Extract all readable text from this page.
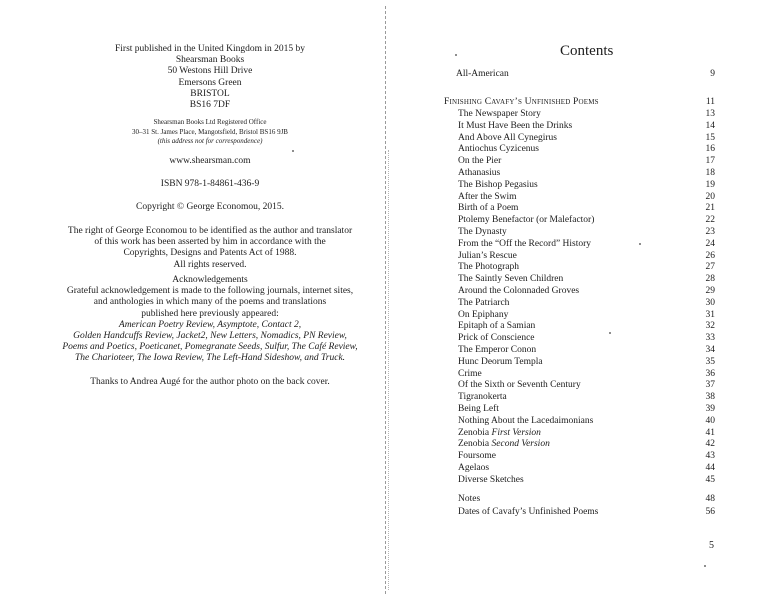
First published in the United Kingdom in 2015 by
Shearsman Books
50 Westons Hill Drive
Emersons Green
BRISTOL
BS16 7DF
Shearsman Books Ltd Registered Office
30–31 St. James Place, Mangotsfield, Bristol BS16 9JB
(this address not for correspondence)
www.shearsman.com
ISBN 978-1-84861-436-9
Copyright © George Economou, 2015.
The right of George Economou to be identified as the author and translator
of this work has been asserted by him in accordance with the
Copyrights, Designs and Patents Act of 1988.
All rights reserved.
Acknowledgements
Grateful acknowledgement is made to the following journals, internet sites,
and anthologies in which many of the poems and translations
published here previously appeared:
American Poetry Review, Asymptote, Contact 2,
Golden Handcuffs Review, Jacket2, New Letters, Nomadics, PN Review,
Poems and Poetics, Poeticanet, Pomegranate Seeds, Sulfur, The Café Review,
The Charioteer, The Iowa Review, The Left-Hand Sideshow, and Truck.
Thanks to Andrea Augé for the author photo on the back cover.
Contents
All-American	9
Finishing Cavafy’s Unfinished Poems	11
The Newspaper Story	13
It Must Have Been the Drinks	14
And Above All Cynegirus	15
Antiochus Cyzicenus	16
On the Pier	17
Athanasius	18
The Bishop Pegasius	19
After the Swim	20
Birth of a Poem	21
Ptolemy Benefactor (or Malefactor)	22
The Dynasty	23
From the “Off the Record” History	24
Julian’s Rescue	26
The Photograph	27
The Saintly Seven Children	28
Around the Colonnaded Groves	29
The Patriarch	30
On Epiphany	31
Epitaph of a Samian	32
Prick of Conscience	33
The Emperor Conon	34
Hunc Deorum Templa	35
Crime	36
Of the Sixth or Seventh Century	37
Tigranokerta	38
Being Left	39
Nothing About the Lacedaimonians	40
Zenobia First Version	41
Zenobia Second Version	42
Foursome	43
Agelaos	44
Diverse Sketches	45
Notes	48
Dates of Cavafy’s Unfinished Poems	56
5
